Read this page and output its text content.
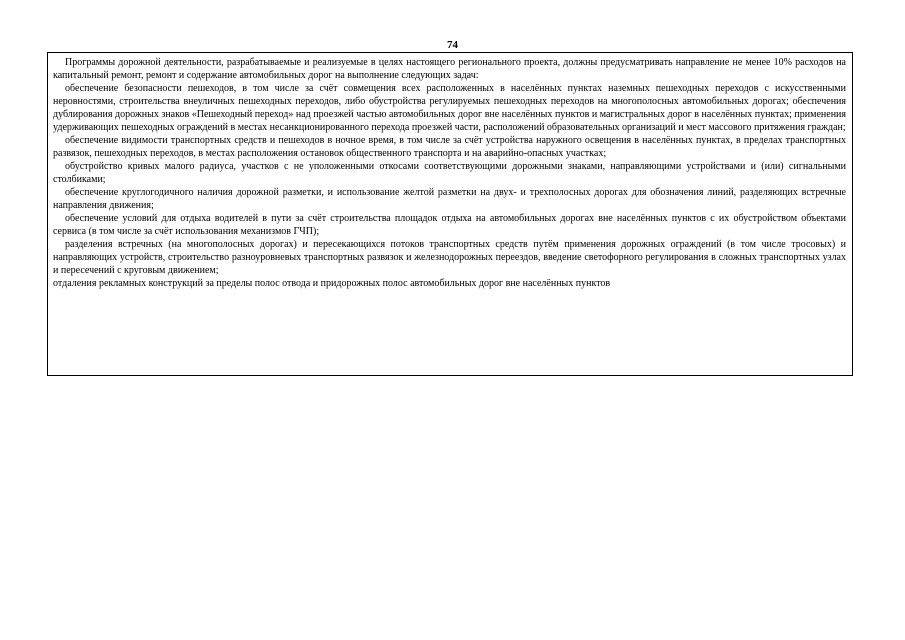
74

Программы дорожной деятельности, разрабатываемые и реализуемые в целях настоящего регионального проекта, должны предусматривать направление не менее 10% расходов на капитальный ремонт, ремонт и содержание автомобильных дорог на выполнение следующих задач:

обеспечение безопасности пешеходов, в том числе за счёт совмещения всех расположенных в населённых пунктах наземных пешеходных переходов с искусственными неровностями, строительства внеуличных пешеходных переходов, либо обустройства регулируемых пешеходных переходов на многополосных автомобильных дорогах; обеспечения дублирования дорожных знаков «Пешеходный переход» над проезжей частью автомобильных дорог вне населённых пунктов и магистральных дорог в населённых пунктах; применения удерживающих пешеходных ограждений в местах несанкционированного перехода проезжей части, расположений образовательных организаций и мест массового притяжения граждан;

обеспечение видимости транспортных средств и пешеходов в ночное время, в том числе за счёт устройства наружного освещения в населённых пунктах, в пределах транспортных развязок, пешеходных переходов, в местах расположения остановок общественного транспорта и на аварийно-опасных участках;

обустройство кривых малого радиуса, участков с не уположенными откосами соответствующими дорожными знаками, направляющими устройствами и (или) сигнальными столбиками;

обеспечение круглогодичного наличия дорожной разметки, и использование желтой разметки на двух- и трехполосных дорогах для обозначения линий, разделяющих встречные направления движения;

обеспечение условий для отдыха водителей в пути за счёт строительства площадок отдыха на автомобильных дорогах вне населённых пунктов с их обустройством объектами сервиса (в том числе за счёт использования механизмов ГЧП);

разделения встречных (на многополосных дорогах) и пересекающихся потоков транспортных средств путём применения дорожных ограждений (в том числе тросовых) и направляющих устройств, строительство разноуровневых транспортных развязок и железнодорожных переездов, введение светофорного регулирования в сложных транспортных узлах и пересечений с круговым движением;

отдаления рекламных конструкций за пределы полос отвода и придорожных полос автомобильных дорог вне населённых пунктов
